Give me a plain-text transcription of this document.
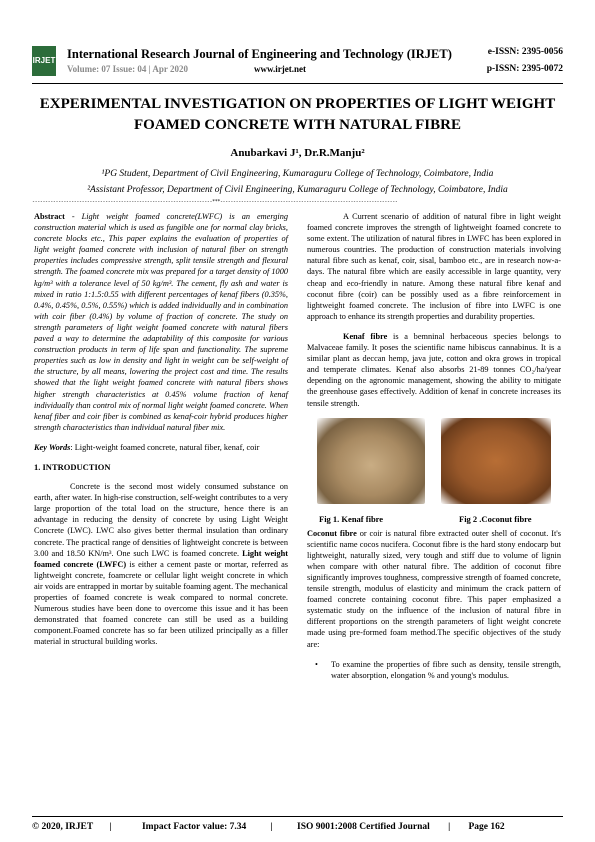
IRJET International Research Journal of Engineering and Technology (IRJET)
Volume: 07 Issue: 04 | Apr 2020	www.irjet.net
e-ISSN: 2395-0056
p-ISSN: 2395-0072
EXPERIMENTAL INVESTIGATION ON PROPERTIES OF LIGHT WEIGHT FOAMED CONCRETE WITH NATURAL FIBRE
Anubarkavi J¹, Dr.R.Manju²
¹PG Student, Department of Civil Engineering, Kumaraguru College of Technology, Coimbatore, India
²Assistant Professor, Department of Civil Engineering, Kumaraguru College of Technology, Coimbatore, India
---------------------------------------------------------------------***--------------------------------------------------------------------

Abstract - Light weight foamed concrete(LWFC) is an emerging construction material which is used as fungible one for normal clay bricks, concrete blocks etc., This paper explains the evaluation of properties of light weight foamed concrete with inclusion of natural fiber on strength properties includes compressive strength, split tensile strength and flexural strength. The foamed concrete mix was prepared for a target density of 1000 kg/m³ with a tolerance level of 50 kg/m³. The cement, fly ash and water is mixed in ratio 1:1.5:0.55 with different percentages of kenaf fibers (0.35%, 0.4%, 0.45%, 0.5%, 0.55%) which is added individually and in combination with coir fiber (0.4%) by volume of fraction of concrete. The study on strength parameters of light weight foamed concrete with natural fibers paved a way to determine the adaptability of this composite for various construction products in term of life span and functionality. The supreme properties such as low in density and light in weight can be self-weight of the structure, by all means, lowering the project cost and time. The results showed that the light weight foamed concrete with natural fibers shows higher strength characteristics at 0.45% volume fraction of kenaf individually than control mix of normal light weight foamed concrete. When kenaf fiber and coir fiber is combined as kenaf-coir hybrid produces higher strength characteristics than individual natural fiber mix.

Key Words: Light-weight foamed concrete, natural fiber, kenaf, coir

1. INTRODUCTION

Concrete is the second most widely consumed substance on earth, after water. In high-rise construction, self-weight contributes to a very large proportion of the total load on the structure, hence there is an advantage in reducing the density of concrete by using Light Weight Concrete (LWC). LWC also gives better thermal insulation than ordinary concrete. The practical range of densities of lightweight concrete is between 3.00 and 18.50 KN/m³. One such LWC is foamed concrete. Light weight foamed concrete (LWFC) is either a cement paste or mortar, referred as lightweight concrete, foamcrete or cellular light weight concrete in which air voids are entrapped in mortar by suitable foaming agent. The mechanical properties of foamed concrete is weak compared to normal concrete. Numerous studies have been done to overcome this issue and it has been demonstrated that foamed concrete can still be used as a building component.Foamed concrete has so far been utilized principally as a filler material in structural building works.

A Current scenario of addition of natural fibre in light weight foamed concrete improves the strength of lightweight foamed concrete to some extent. The utilization of natural fibres in LWFC has been explored in numerous countries. The production of construction materials involving natural fibre such as kenaf, coir, sisal, bamboo etc., are in research now-a-days. The natural fibre which are easily accessible in large quantity, very cheap and eco-friendly in nature. Among these natural fibre kenaf and coconut fibre (coir) can be possibly used as a fibre reinforcement in lightweight foamed concrete. The inclusion of fibre into LWFC is one approach to enhance its strength properties and durability properties.

Kenaf fibre is a bemninal herbaceous species belongs to Malvaceae family. It poses the scientific name hibiscus cannabinus. It is a similar plant as deccan hemp, java jute, cotton and okra grows in tropical and temperate climates. Kenaf also absorbs 21-89 tonnes CO₂/ha/year depending on the agronomic management, showing the ability to mitigate the greenhouse gases effectively. Addition of kenaf in concrete increases its tensile strength.

Fig 1. Kenaf fibre	Fig 2 .Coconut fibre

Coconut fibre or coir is natural fibre extracted outer shell of coconut. It's scientific name cocos nucifera. Coconut fibre is the hard stony endocarp but lightweight, naturally sized, very tough and stiff due to volume of lignin when compare with other natural fibre. The addition of coconut fibre significantly improves toughness, compressive strength of foamed concrete, tensile strength, modulus of elasticity and minimum the crack pattern of foamed concrete containing coconut fibre. This paper emphasized a systematic study on the influence of the inclusion of natural fibre in different proportions on the strength parameters of light weight concrete made using pre-formed foam method.The specific objectives of the study are:

• To examine the properties of fibre such as density, tensile strength, water absorption, elongation % and young's modulus.
© 2020, IRJET |	Impact Factor value: 7.34	|	ISO 9001:2008 Certified Journal | Page 162
